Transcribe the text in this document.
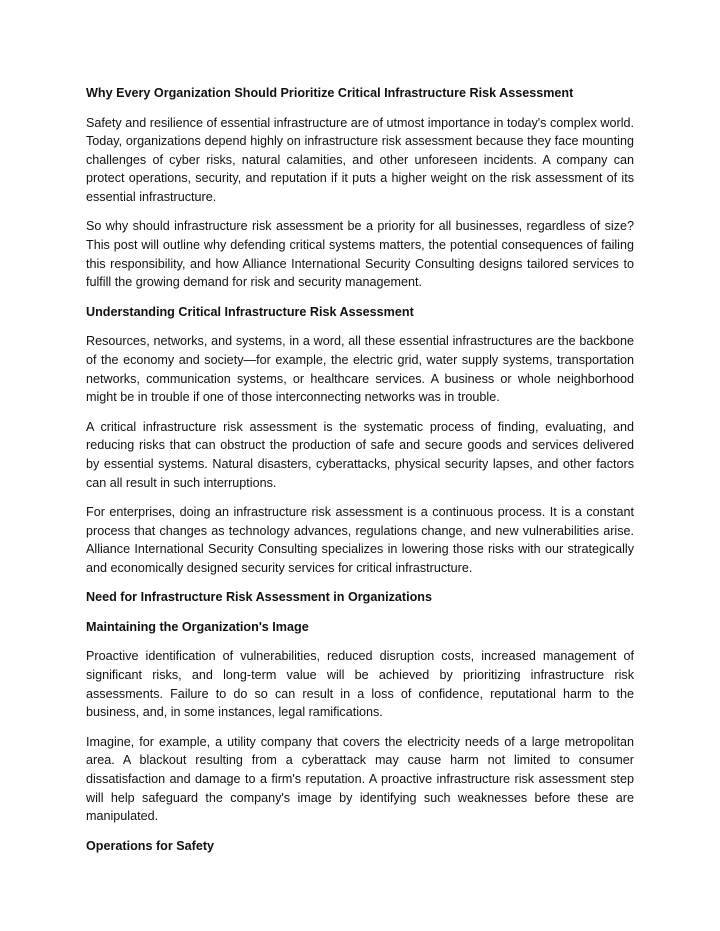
Why Every Organization Should Prioritize Critical Infrastructure Risk Assessment

Safety and resilience of essential infrastructure are of utmost importance in today's complex world. Today, organizations depend highly on infrastructure risk assessment because they face mounting challenges of cyber risks, natural calamities, and other unforeseen incidents. A company can protect operations, security, and reputation if it puts a higher weight on the risk assessment of its essential infrastructure.

So why should infrastructure risk assessment be a priority for all businesses, regardless of size? This post will outline why defending critical systems matters, the potential consequences of failing this responsibility, and how Alliance International Security Consulting designs tailored services to fulfill the growing demand for risk and security management.

Understanding Critical Infrastructure Risk Assessment

Resources, networks, and systems, in a word, all these essential infrastructures are the backbone of the economy and society—for example, the electric grid, water supply systems, transportation networks, communication systems, or healthcare services. A business or whole neighborhood might be in trouble if one of those interconnecting networks was in trouble.

A critical infrastructure risk assessment is the systematic process of finding, evaluating, and reducing risks that can obstruct the production of safe and secure goods and services delivered by essential systems. Natural disasters, cyberattacks, physical security lapses, and other factors can all result in such interruptions.

For enterprises, doing an infrastructure risk assessment is a continuous process. It is a constant process that changes as technology advances, regulations change, and new vulnerabilities arise. Alliance International Security Consulting specializes in lowering those risks with our strategically and economically designed security services for critical infrastructure.

Need for Infrastructure Risk Assessment in Organizations
Maintaining the Organization's Image

Proactive identification of vulnerabilities, reduced disruption costs, increased management of significant risks, and long-term value will be achieved by prioritizing infrastructure risk assessments. Failure to do so can result in a loss of confidence, reputational harm to the business, and, in some instances, legal ramifications.

Imagine, for example, a utility company that covers the electricity needs of a large metropolitan area. A blackout resulting from a cyberattack may cause harm not limited to consumer dissatisfaction and damage to a firm's reputation. A proactive infrastructure risk assessment step will help safeguard the company's image by identifying such weaknesses before these are manipulated.

Operations for Safety
